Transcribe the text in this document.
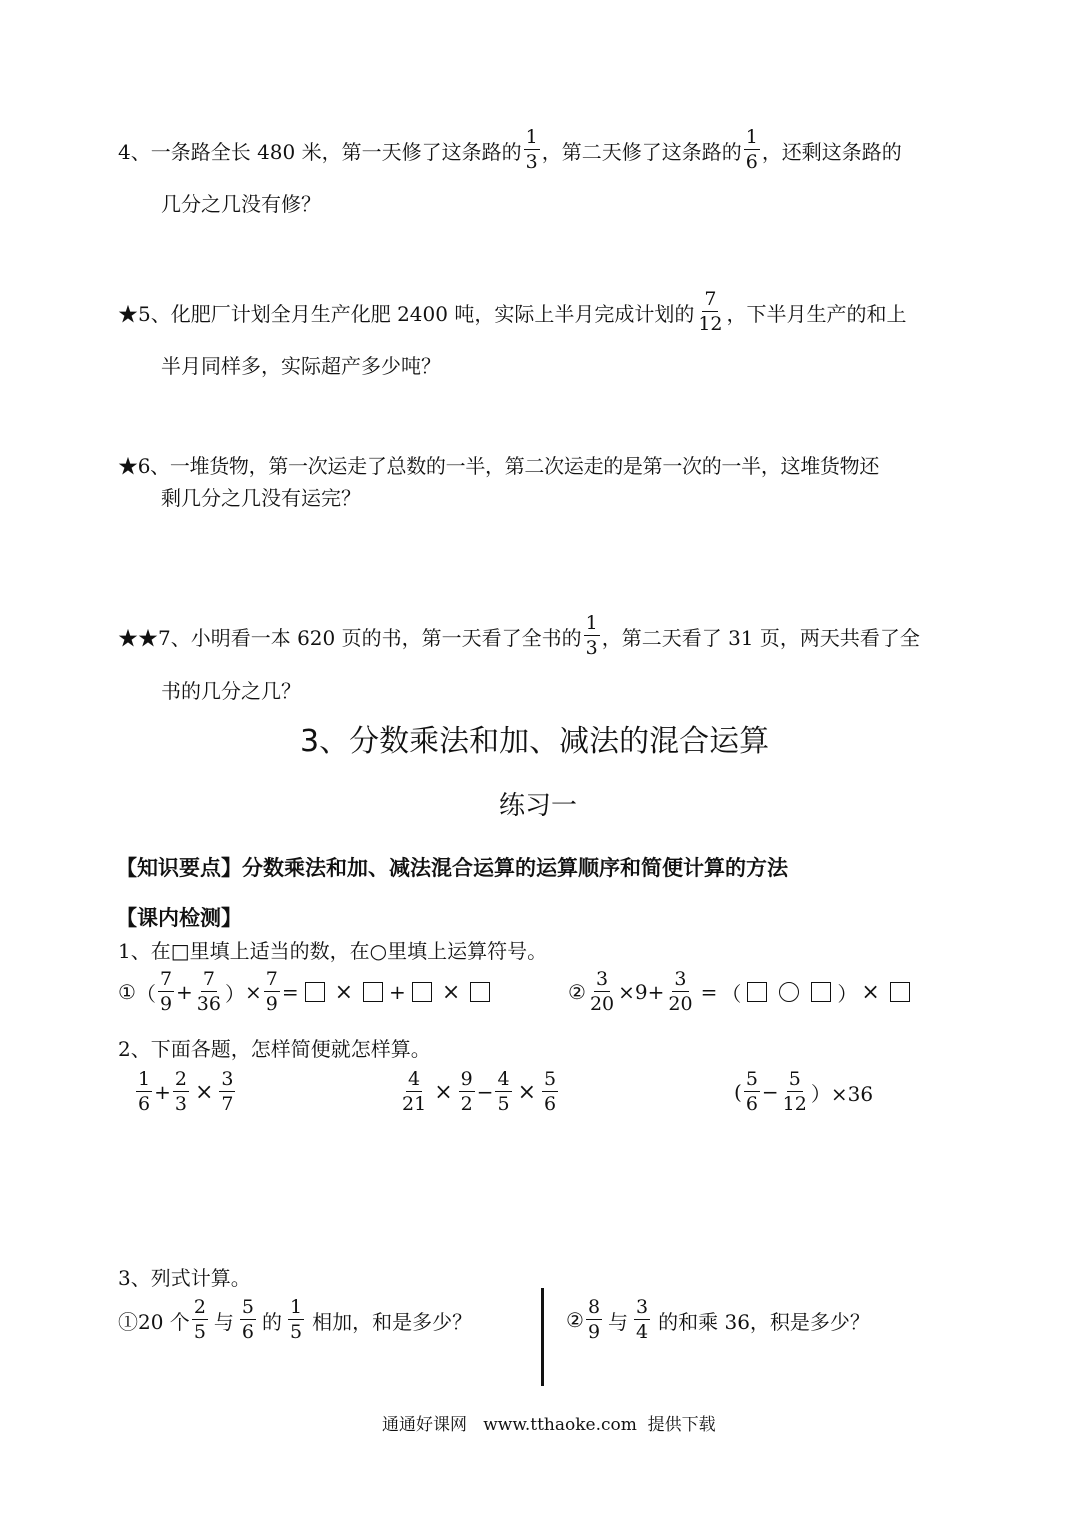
4、一条路全长 480 米，第一天修了这条路的 $\frac{1}{3}$ ，第二天修了这条路的 $\frac{1}{6}$ ，还剩这条路的
几分之几没有修？
★5、化肥厂计划全月生产化肥 2400 吨，实际上半月完成计划的 $\frac{7}{12}$ ，下半月生产的和上
半月同样多，实际超产多少吨？
★6、一堆货物，第一次运走了总数的一半，第二次运走的是第一次的一半，这堆货物还
剩几分之几没有运完？
★★7、小明看一本 620 页的书，第一天看了全书的 $\frac{1}{3}$ ，第二天看了 31 页，两天共看了全
书的几分之几？
3、分数乘法和加、减法的混合运算
练习一
【知识要点】 分数乘法和加、减法混合运算的运算顺序和简便计算的方法
【课内检测】
1、在□里填上适当的数，在○里填上运算符号。
① （ $\frac{7}{9} + \frac{7}{36}$ ） × $\frac{7}{9}$ = × + ×	② $\frac{3}{20} \times 9+ \frac{3}{20}$ = （	） ×
2、下面各题，怎样简便就怎样算。
$\frac{1}{6} + \frac{2}{3} \times \frac{3}{7}$	$\frac{4}{21} \times \frac{9}{2} - \frac{4}{5} \times \frac{5}{6}$	( $\frac{5}{6} - \frac{5}{12} )\times 36$
3、列式计算。
①20 个 $\frac{2}{5}$ 与 $\frac{5}{6}$ 的 $\frac{1}{5}$ 相加，和是多少？	② $\frac{8}{9}$ 与 $\frac{3}{4}$ 的和乘 36，积是多少？
通通好课网   www.tthaoke.com  提供下载
